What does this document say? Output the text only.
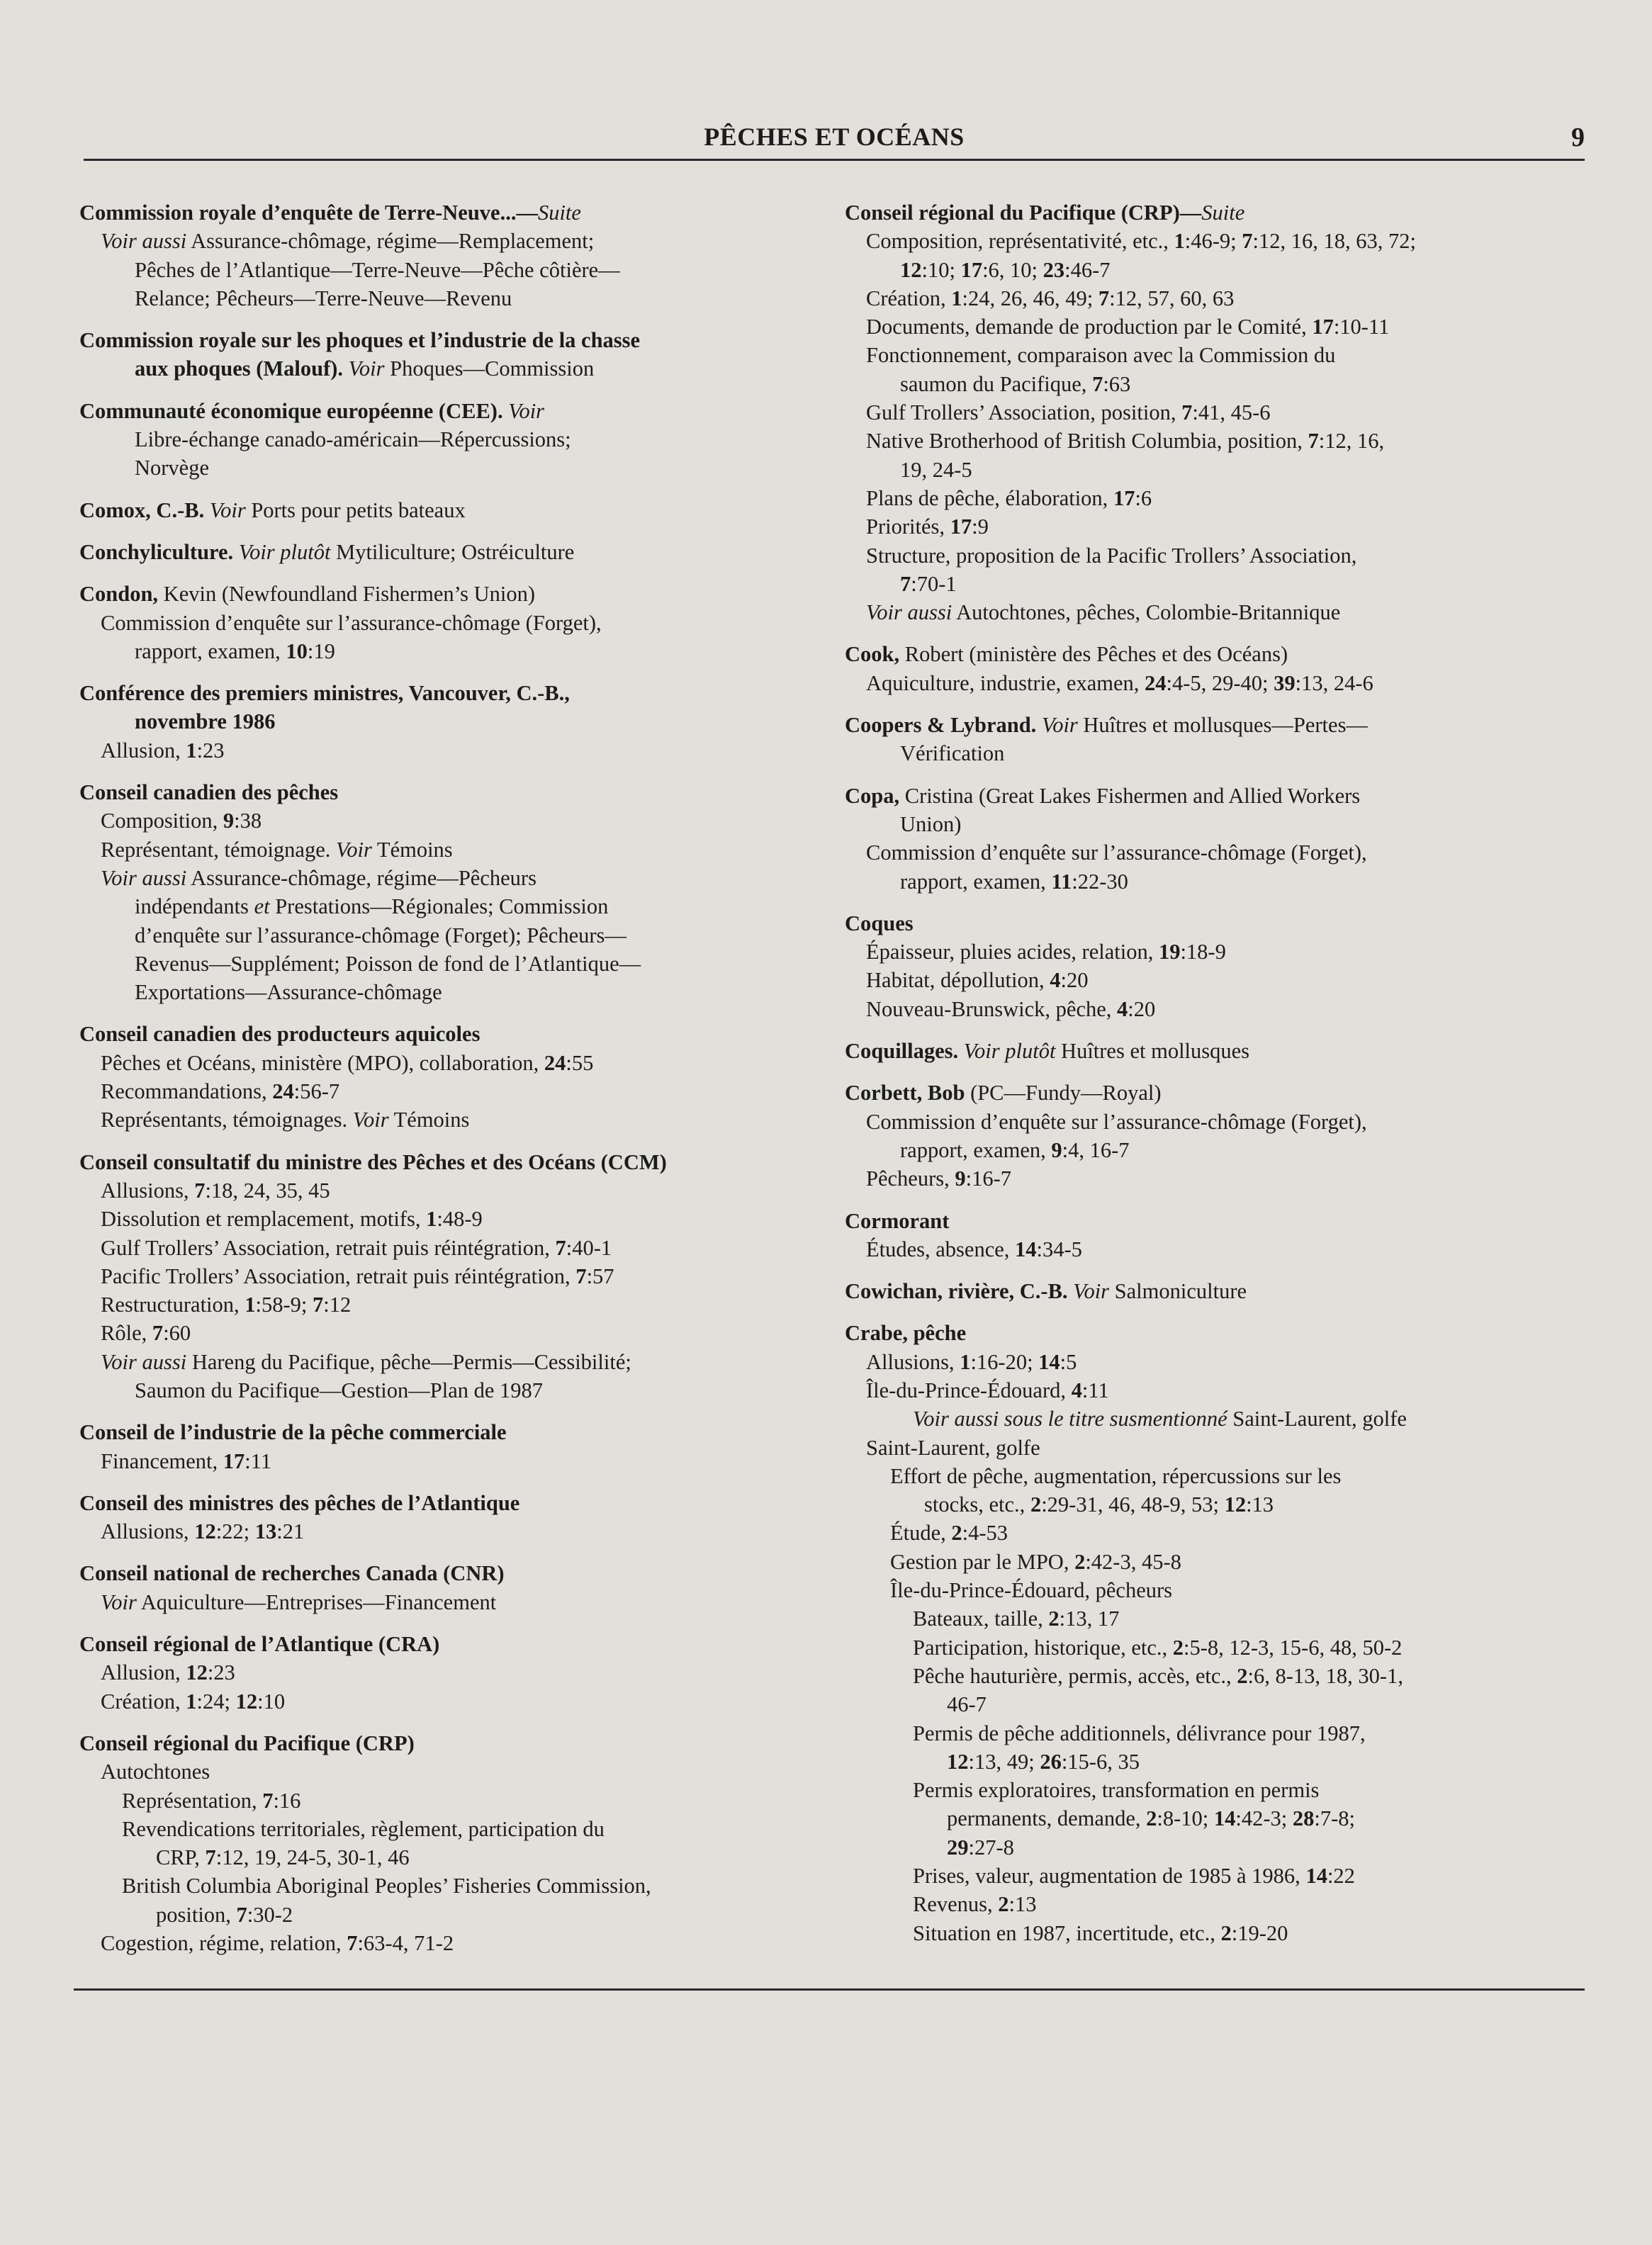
PÊCHES ET OCÉANS	9
Commission royale d’enquête de Terre-Neuve...—Suite
Voir aussi Assurance-chômage, régime—Remplacement;
Pêches de l’Atlantique—Terre-Neuve—Pêche côtière—
Relance; Pêcheurs—Terre-Neuve—Revenu
Commission royale sur les phoques et l’industrie de la chasse
aux phoques (Malouf). Voir Phoques—Commission
Communauté économique européenne (CEE). Voir
Libre-échange canado-américain—Répercussions;
Norvège
Comox, C.-B. Voir Ports pour petits bateaux
Conchyliculture. Voir plutôt Mytiliculture; Ostréiculture
Condon, Kevin (Newfoundland Fishermen’s Union)
Commission d’enquête sur l’assurance-chômage (Forget),
rapport, examen, 10:19
Conférence des premiers ministres, Vancouver, C.-B.,
novembre 1986
Allusion, 1:23
Conseil canadien des pêches
Composition, 9:38
Représentant, témoignage. Voir Témoins
Voir aussi Assurance-chômage, régime—Pêcheurs
indépendants et Prestations—Régionales; Commission
d’enquête sur l’assurance-chômage (Forget); Pêcheurs—
Revenus—Supplément; Poisson de fond de l’Atlantique—
Exportations—Assurance-chômage
Conseil canadien des producteurs aquicoles
Pêches et Océans, ministère (MPO), collaboration, 24:55
Recommandations, 24:56-7
Représentants, témoignages. Voir Témoins
Conseil consultatif du ministre des Pêches et des Océans (CCM)
Allusions, 7:18, 24, 35, 45
Dissolution et remplacement, motifs, 1:48-9
Gulf Trollers’ Association, retrait puis réintégration, 7:40-1
Pacific Trollers’ Association, retrait puis réintégration, 7:57
Restructuration, 1:58-9; 7:12
Rôle, 7:60
Voir aussi Hareng du Pacifique, pêche—Permis—Cessibilité;
Saumon du Pacifique—Gestion—Plan de 1987
Conseil de l’industrie de la pêche commerciale
Financement, 17:11
Conseil des ministres des pêches de l’Atlantique
Allusions, 12:22; 13:21
Conseil national de recherches Canada (CNR)
Voir Aquiculture—Entreprises—Financement
Conseil régional de l’Atlantique (CRA)
Allusion, 12:23
Création, 1:24; 12:10
Conseil régional du Pacifique (CRP)
Autochtones
Représentation, 7:16
Revendications territoriales, règlement, participation du
CRP, 7:12, 19, 24-5, 30-1, 46
British Columbia Aboriginal Peoples’ Fisheries Commission,
position, 7:30-2
Cogestion, régime, relation, 7:63-4, 71-2
Conseil régional du Pacifique (CRP)—Suite
Composition, représentativité, etc., 1:46-9; 7:12, 16, 18, 63, 72;
12:10; 17:6, 10; 23:46-7
Création, 1:24, 26, 46, 49; 7:12, 57, 60, 63
Documents, demande de production par le Comité, 17:10-11
Fonctionnement, comparaison avec la Commission du
saumon du Pacifique, 7:63
Gulf Trollers’ Association, position, 7:41, 45-6
Native Brotherhood of British Columbia, position, 7:12, 16,
19, 24-5
Plans de pêche, élaboration, 17:6
Priorités, 17:9
Structure, proposition de la Pacific Trollers’ Association,
7:70-1
Voir aussi Autochtones, pêches, Colombie-Britannique
Cook, Robert (ministère des Pêches et des Océans)
Aquiculture, industrie, examen, 24:4-5, 29-40; 39:13, 24-6
Coopers & Lybrand. Voir Huîtres et mollusques—Pertes—
Vérification
Copa, Cristina (Great Lakes Fishermen and Allied Workers
Union)
Commission d’enquête sur l’assurance-chômage (Forget),
rapport, examen, 11:22-30
Coques
Épaisseur, pluies acides, relation, 19:18-9
Habitat, dépollution, 4:20
Nouveau-Brunswick, pêche, 4:20
Coquillages. Voir plutôt Huîtres et mollusques
Corbett, Bob (PC—Fundy—Royal)
Commission d’enquête sur l’assurance-chômage (Forget),
rapport, examen, 9:4, 16-7
Pêcheurs, 9:16-7
Cormorant
Études, absence, 14:34-5
Cowichan, rivière, C.-B. Voir Salmoniculture
Crabe, pêche
Allusions, 1:16-20; 14:5
Île-du-Prince-Édouard, 4:11
Voir aussi sous le titre susmentionné Saint-Laurent, golfe
Saint-Laurent, golfe
Effort de pêche, augmentation, répercussions sur les
stocks, etc., 2:29-31, 46, 48-9, 53; 12:13
Étude, 2:4-53
Gestion par le MPO, 2:42-3, 45-8
Île-du-Prince-Édouard, pêcheurs
Bateaux, taille, 2:13, 17
Participation, historique, etc., 2:5-8, 12-3, 15-6, 48, 50-2
Pêche hauturière, permis, accès, etc., 2:6, 8-13, 18, 30-1,
46-7
Permis de pêche additionnels, délivrance pour 1987,
12:13, 49; 26:15-6, 35
Permis exploratoires, transformation en permis
permanents, demande, 2:8-10; 14:42-3; 28:7-8;
29:27-8
Prises, valeur, augmentation de 1985 à 1986, 14:22
Revenus, 2:13
Situation en 1987, incertitude, etc., 2:19-20
